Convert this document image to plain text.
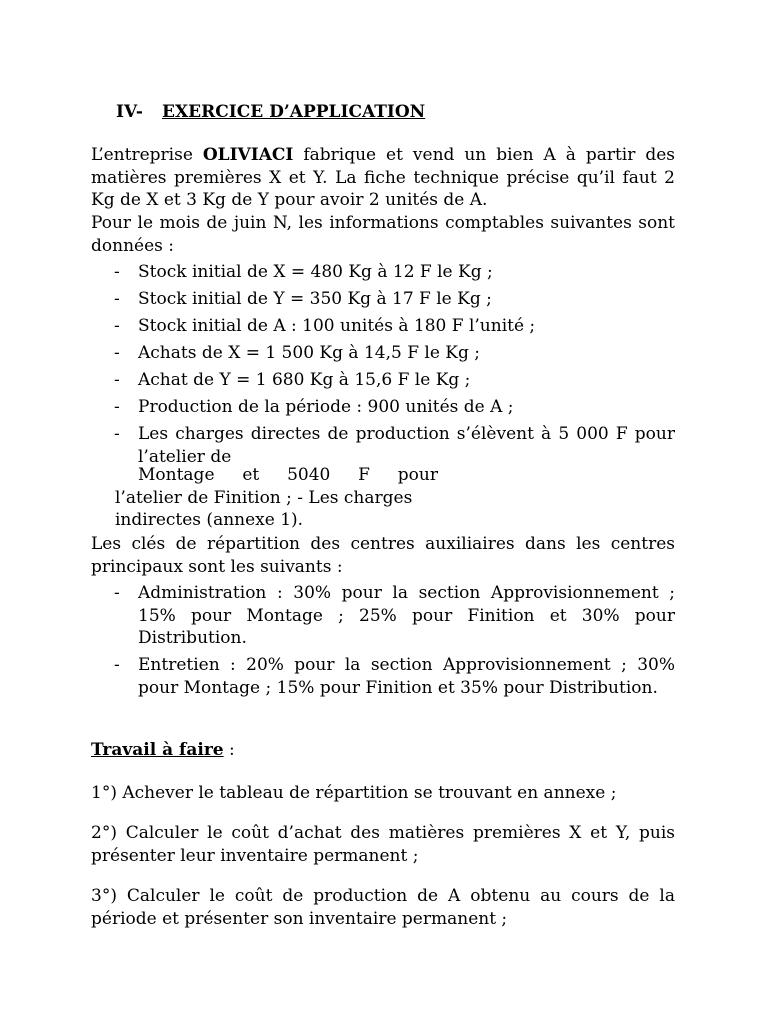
IV- EXERCICE D’APPLICATION

L’entreprise OLIVIACI fabrique et vend un bien A à partir des matières premières X et Y. La fiche technique précise qu’il faut 2 Kg de X et 3 Kg de Y pour avoir 2 unités de A.

Pour le mois de juin N, les informations comptables suivantes sont données :

- Stock initial de X = 480 Kg à 12 F le Kg ;
- Stock initial de Y = 350 Kg à 17 F le Kg ;
- Stock initial de A : 100 unités à 180 F l’unité ;
- Achats de X = 1 500 Kg à 14,5 F le Kg ;
- Achat de Y = 1 680 Kg à 15,6 F le Kg ;
- Production de la période : 900 unités de A ;
- Les charges directes de production s’élèvent à 5 000 F pour l’atelier de
Montage et 5040 F pour
l’atelier de Finition ; - Les charges
indirectes (annexe 1).

Les clés de répartition des centres auxiliaires dans les centres principaux sont les suivants :

- Administration : 30% pour la section Approvisionnement ; 15% pour Montage ; 25% pour Finition et 30% pour Distribution.
- Entretien : 20% pour la section Approvisionnement ; 30% pour Montage ; 15% pour Finition et 35% pour Distribution.
Travail à faire :

1°) Achever le tableau de répartition se trouvant en annexe ;

2°) Calculer le coût d’achat des matières premières X et Y, puis présenter leur inventaire permanent ;

3°) Calculer le coût de production de A obtenu au cours de la période et présenter son inventaire permanent ;
